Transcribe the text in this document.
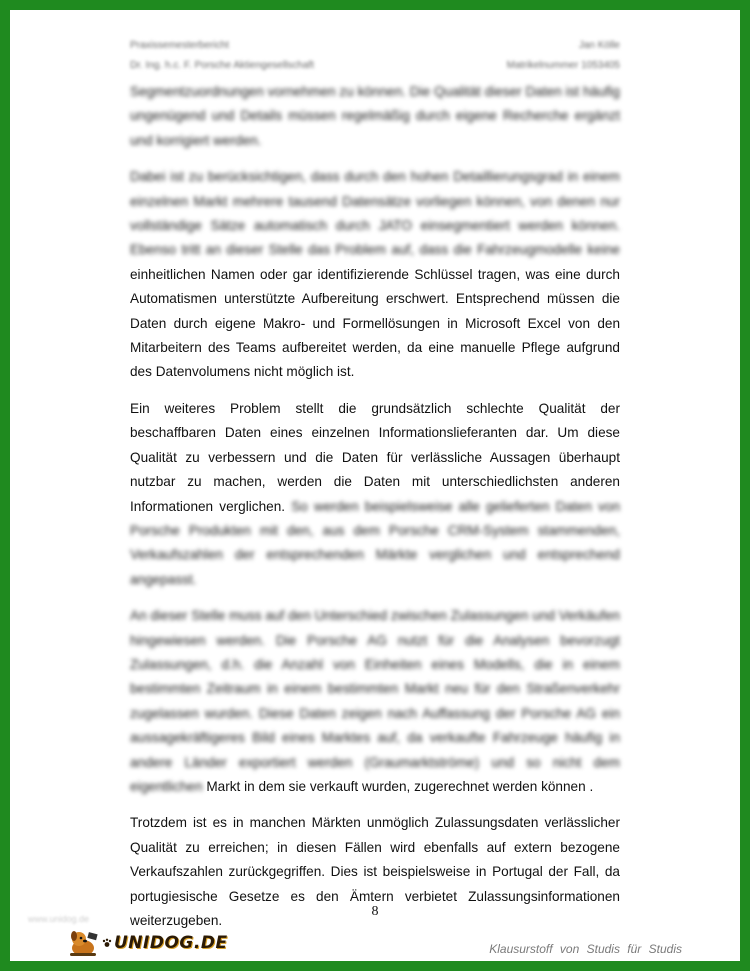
Praxissemesterbericht	Jan Kölle
Dr. Ing. h.c. F. Porsche Aktiengesellschaft	Matrikelnummer 1053405

Segmentzuordnungen vornehmen zu können. Die Qualität dieser Daten ist häufig ungenügend und Details müssen regelmäßig durch eigene Recherche ergänzt und korrigiert werden.

Dabei ist zu berücksichtigen, dass durch den hohen Detaillierungsgrad in einem einzelnen Markt mehrere tausend Datensätze vorliegen können, von denen nur vollständige Sätze automatisch durch JATO einsegmentiert werden können. Ebenso tritt an dieser Stelle das Problem auf, dass die Fahrzeugmodelle keine einheitlichen Namen oder gar identifizierende Schlüssel tragen, was eine durch Automatismen unterstützte Aufbereitung erschwert. Entsprechend müssen die Daten durch eigene Makro- und Formellösungen in Microsoft Excel von den Mitarbeitern des Teams aufbereitet werden, da eine manuelle Pflege aufgrund des Datenvolumens nicht möglich ist.

Ein weiteres Problem stellt die grundsätzlich schlechte Qualität der beschaffbaren Daten eines einzelnen Informationslieferanten dar. Um diese Qualität zu verbessern und die Daten für verlässliche Aussagen überhaupt nutzbar zu machen, werden die Daten mit unterschiedlichsten anderen Informationen verglichen. So werden beispielsweise alle gelieferten Daten von Porsche Produkten mit den, aus dem Porsche CRM-System stammenden, Verkaufszahlen der entsprechenden Märkte verglichen und entsprechend angepasst.

An dieser Stelle muss auf den Unterschied zwischen Zulassungen und Verkäufen hingewiesen werden. Die Porsche AG nutzt für die Analysen bevorzugt Zulassungen, d.h. die Anzahl von Einheiten eines Modells, die in einem bestimmten Zeitraum in einem bestimmten Markt neu für den Straßenverkehr zugelassen wurden. Diese Daten zeigen nach Auffassung der Porsche AG ein aussagekräftigeres Bild eines Marktes auf, da verkaufte Fahrzeuge häufig in andere Länder exportiert werden (Graumarktströme) und so nicht dem eigentlichen Markt in dem sie verkauft wurden, zugerechnet werden können .

Trotzdem ist es in manchen Märkten unmöglich Zulassungsdaten verlässlicher Qualität zu erreichen; in diesen Fällen wird ebenfalls auf extern bezogene Verkaufszahlen zurückgegriffen. Dies ist beispielsweise in Portugal der Fall, da portugiesische Gesetze es den Ämtern verbietet Zulassungsinformationen weiterzugeben.

8
www.unidog.de
UNIDOG.DE	Klausurstoff von Studis für Studis
